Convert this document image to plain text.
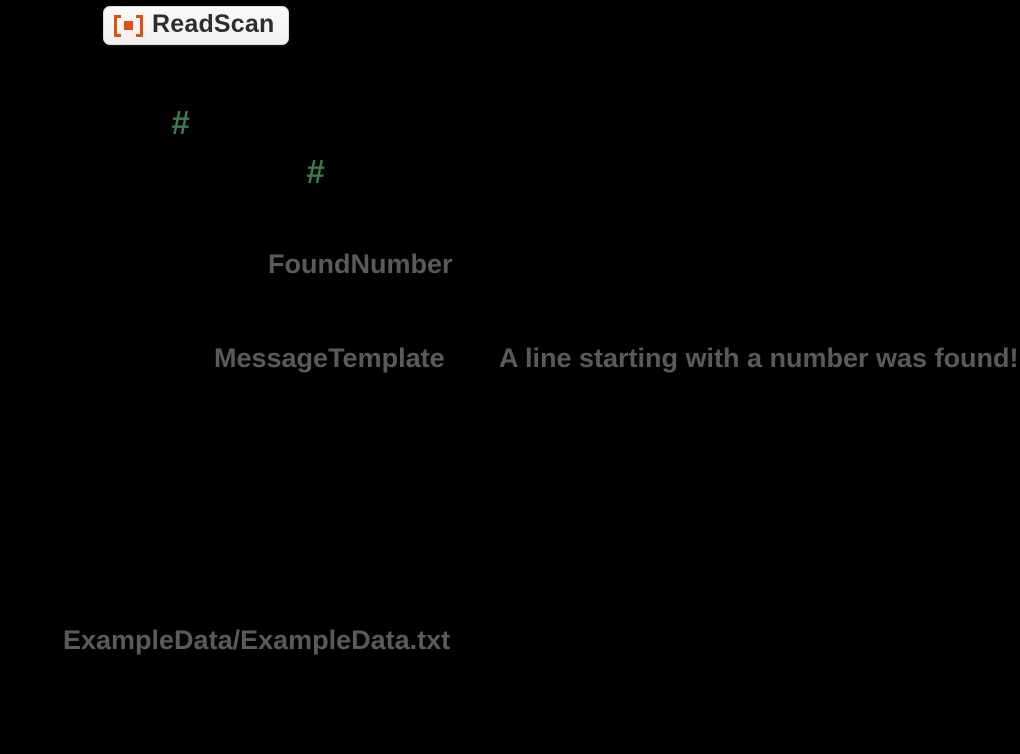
ReadScan
#
#
FoundNumber
MessageTemplate A line starting with a number was found!
ExampleData/ExampleData.txt
